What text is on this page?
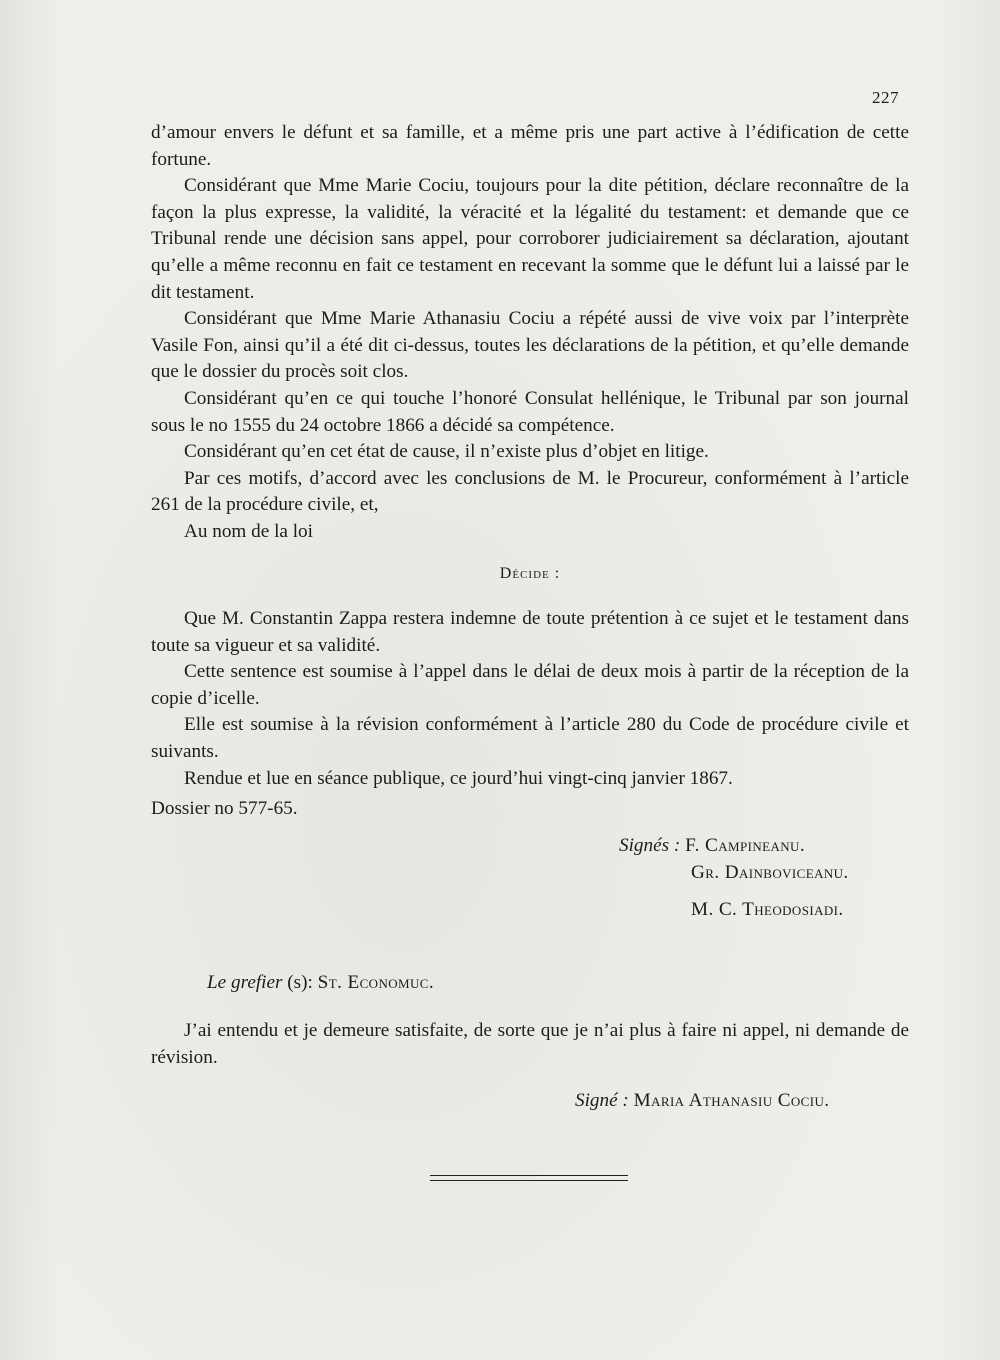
227

d’amour envers le défunt et sa famille, et a même pris une part active à l’édification de cette fortune.

Considérant que Mme Marie Cociu, toujours pour la dite pétition, déclare reconnaître de la façon la plus expresse, la validité, la véracité et la légalité du testament: et demande que ce Tribunal rende une décision sans appel, pour corroborer judiciairement sa déclaration, ajoutant qu’elle a même reconnu en fait ce testament en recevant la somme que le défunt lui a laissé par le dit testament.

Considérant que Mme Marie Athanasiu Cociu a répété aussi de vive voix par l’interprète Vasile Fon, ainsi qu’il a été dit ci-dessus, toutes les déclarations de la pétition, et qu’elle demande que le dossier du procès soit clos.

Considérant qu’en ce qui touche l’honoré Consulat hellénique, le Tribunal par son journal sous le no 1555 du 24 octobre 1866 a décidé sa compétence.

Considérant qu’en cet état de cause, il n’existe plus d’objet en litige.

Par ces motifs, d’accord avec les conclusions de M. le Procureur, conformément à l’article 261 de la procédure civile, et,

Au nom de la loi

Décide :

Que M. Constantin Zappa restera indemne de toute prétention à ce sujet et le testament dans toute sa vigueur et sa validité.

Cette sentence est soumise à l’appel dans le délai de deux mois à partir de la réception de la copie d’icelle.

Elle est soumise à la révision conformément à l’article 280 du Code de procédure civile et suivants.

Rendue et lue en séance publique, ce jourd’hui vingt-cinq janvier 1867.

Dossier no 577-65.

Signés : F. Campineanu.
Gr. Dainboviceanu.
M. C. Theodosiadi.
Le grefier (s): St. Economuc.

J’ai entendu et je demeure satisfaite, de sorte que je n’ai plus à faire ni appel, ni demande de révision.

Signé : Maria Athanasiu Cociu.
